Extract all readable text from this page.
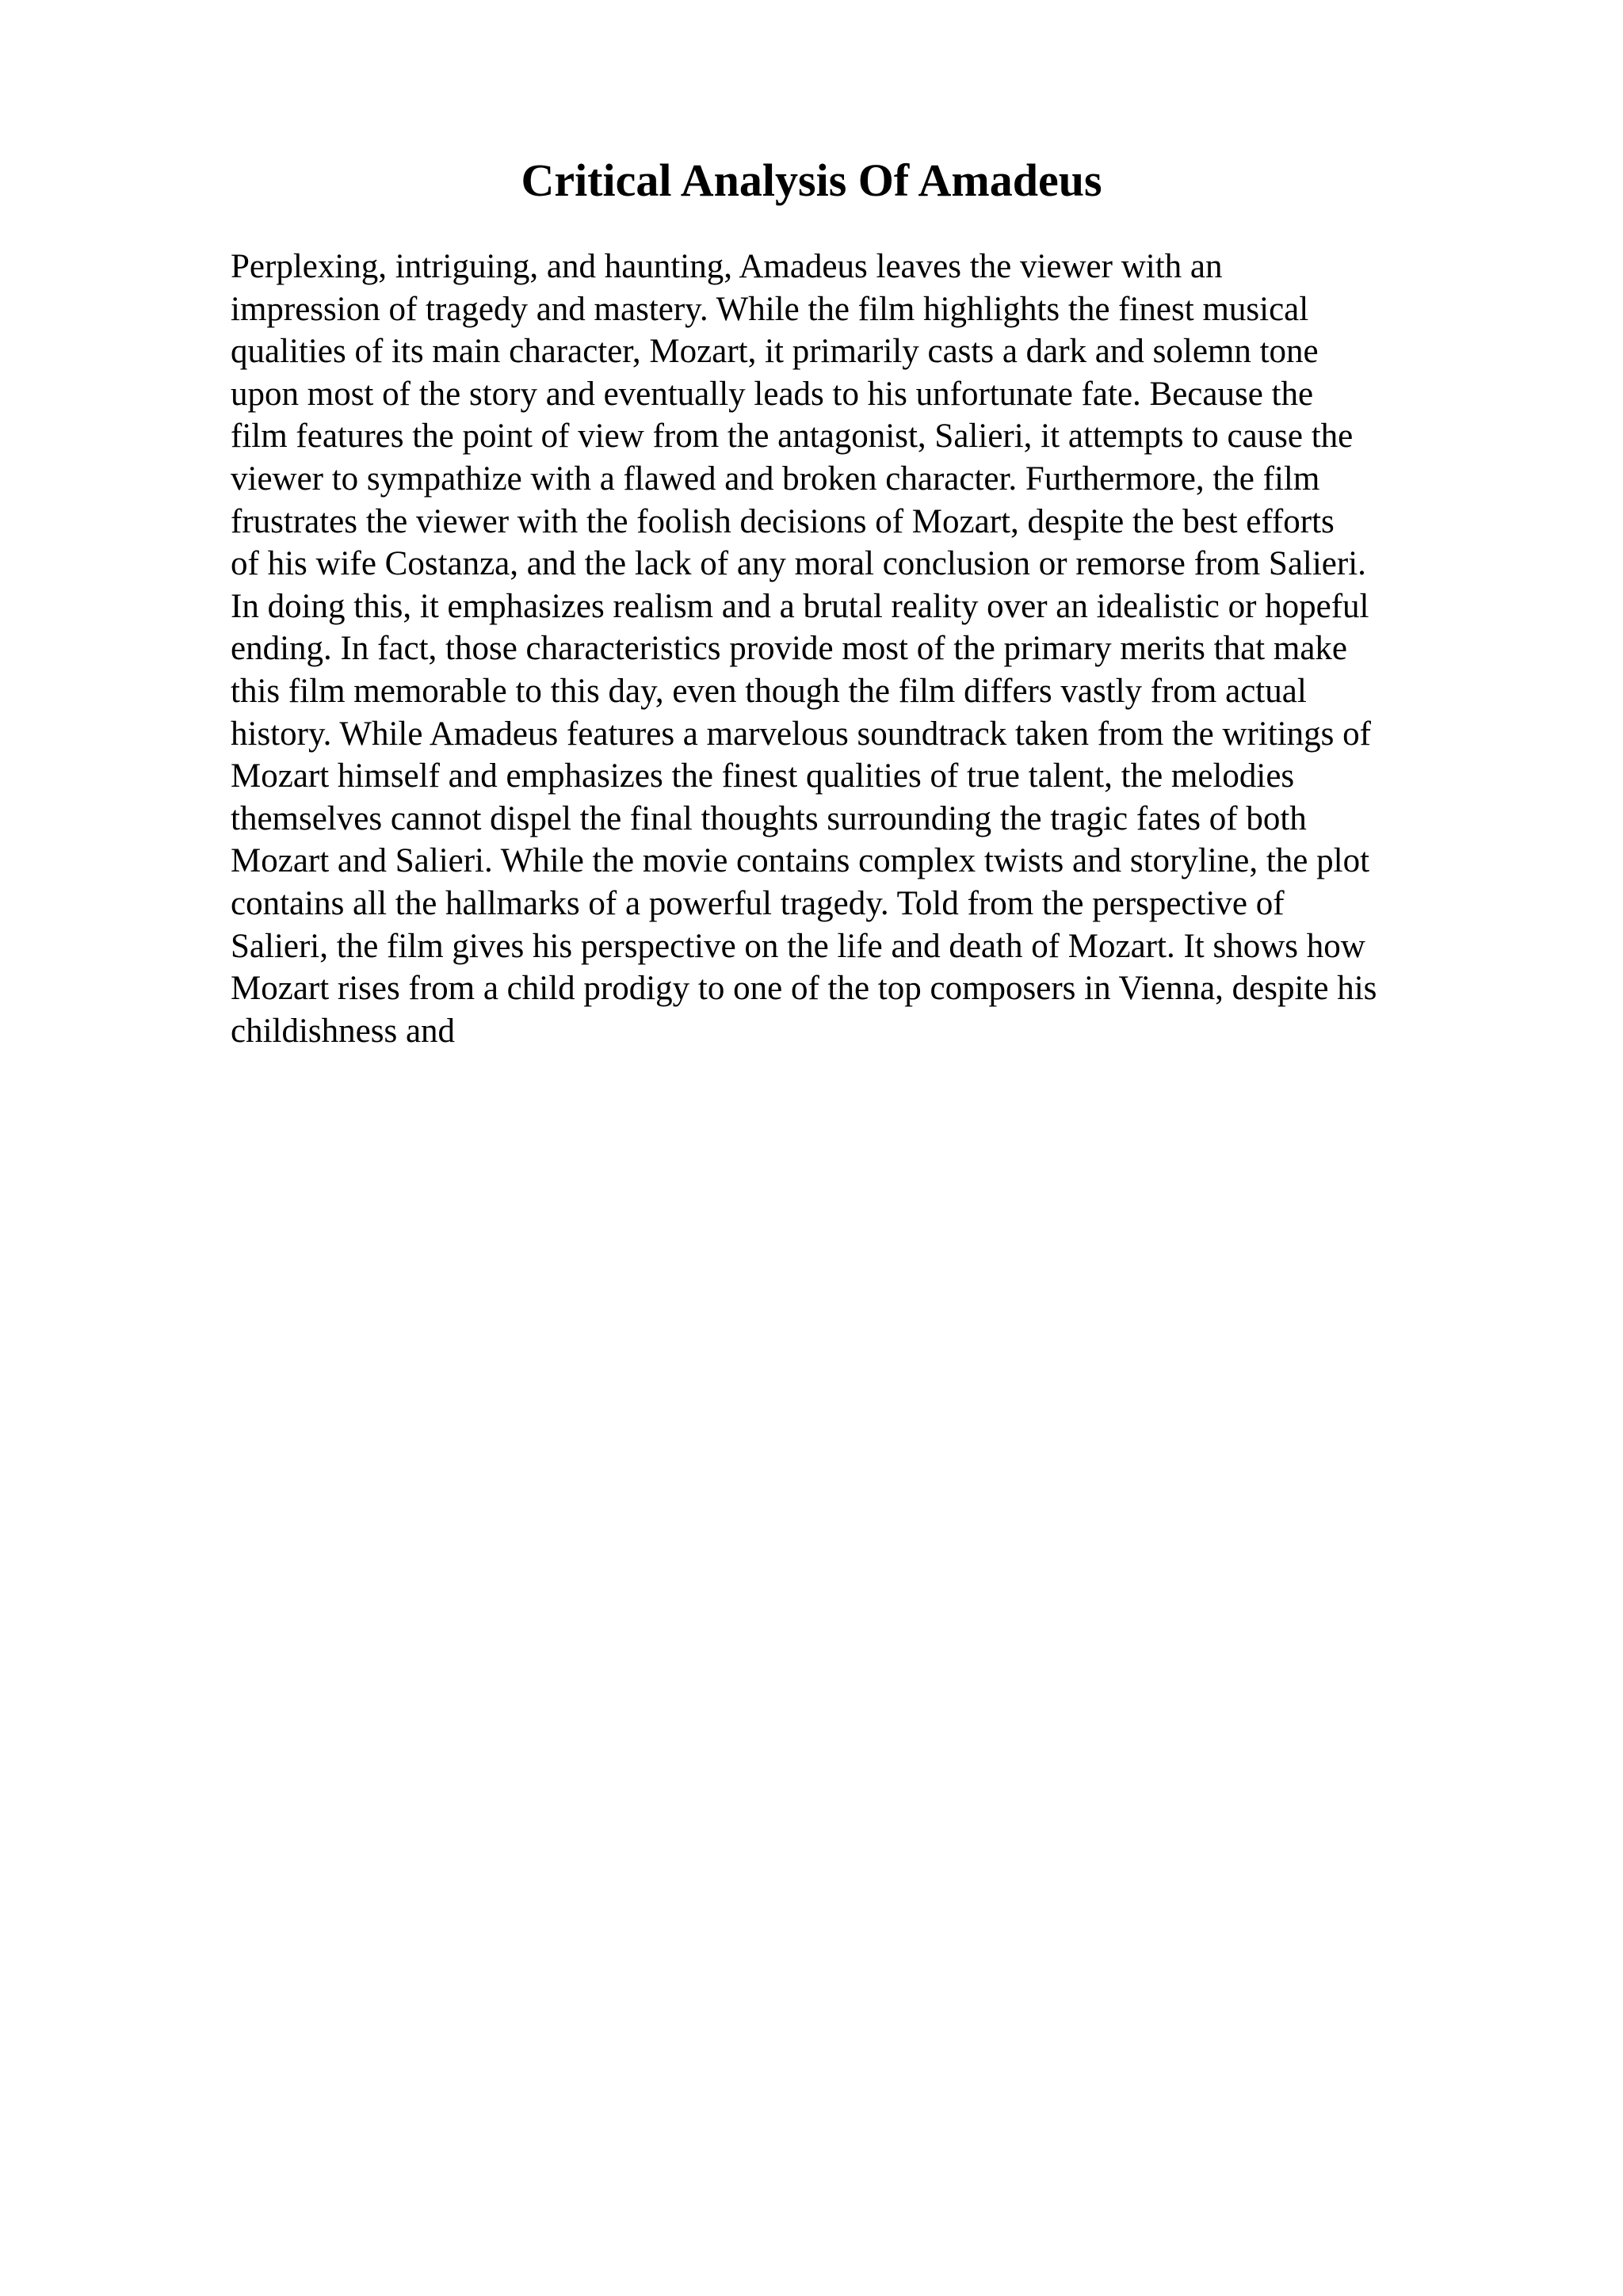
Critical Analysis Of Amadeus
Perplexing, intriguing, and haunting, Amadeus leaves the viewer with an
impression of tragedy and mastery. While the film highlights the finest musical
qualities of its main character, Mozart, it primarily casts a dark and solemn tone
upon most of the story and eventually leads to his unfortunate fate. Because the
film features the point of view from the antagonist, Salieri, it attempts to cause the
viewer to sympathize with a flawed and broken character. Furthermore, the film
frustrates the viewer with the foolish decisions of Mozart, despite the best efforts
of his wife Costanza, and the lack of any moral conclusion or remorse from Salieri.
In doing this, it emphasizes realism and a brutal reality over an idealistic or hopeful
ending. In fact, those characteristics provide most of the primary merits that make
this film memorable to this day, even though the film differs vastly from actual
history. While Amadeus features a marvelous soundtrack taken from the writings of
Mozart himself and emphasizes the finest qualities of true talent, the melodies
themselves cannot dispel the final thoughts surrounding the tragic fates of both
Mozart and Salieri. While the movie contains complex twists and storyline, the plot
contains all the hallmarks of a powerful tragedy. Told from the perspective of
Salieri, the film gives his perspective on the life and death of Mozart. It shows how
Mozart rises from a child prodigy to one of the top composers in Vienna, despite his
childishness and
